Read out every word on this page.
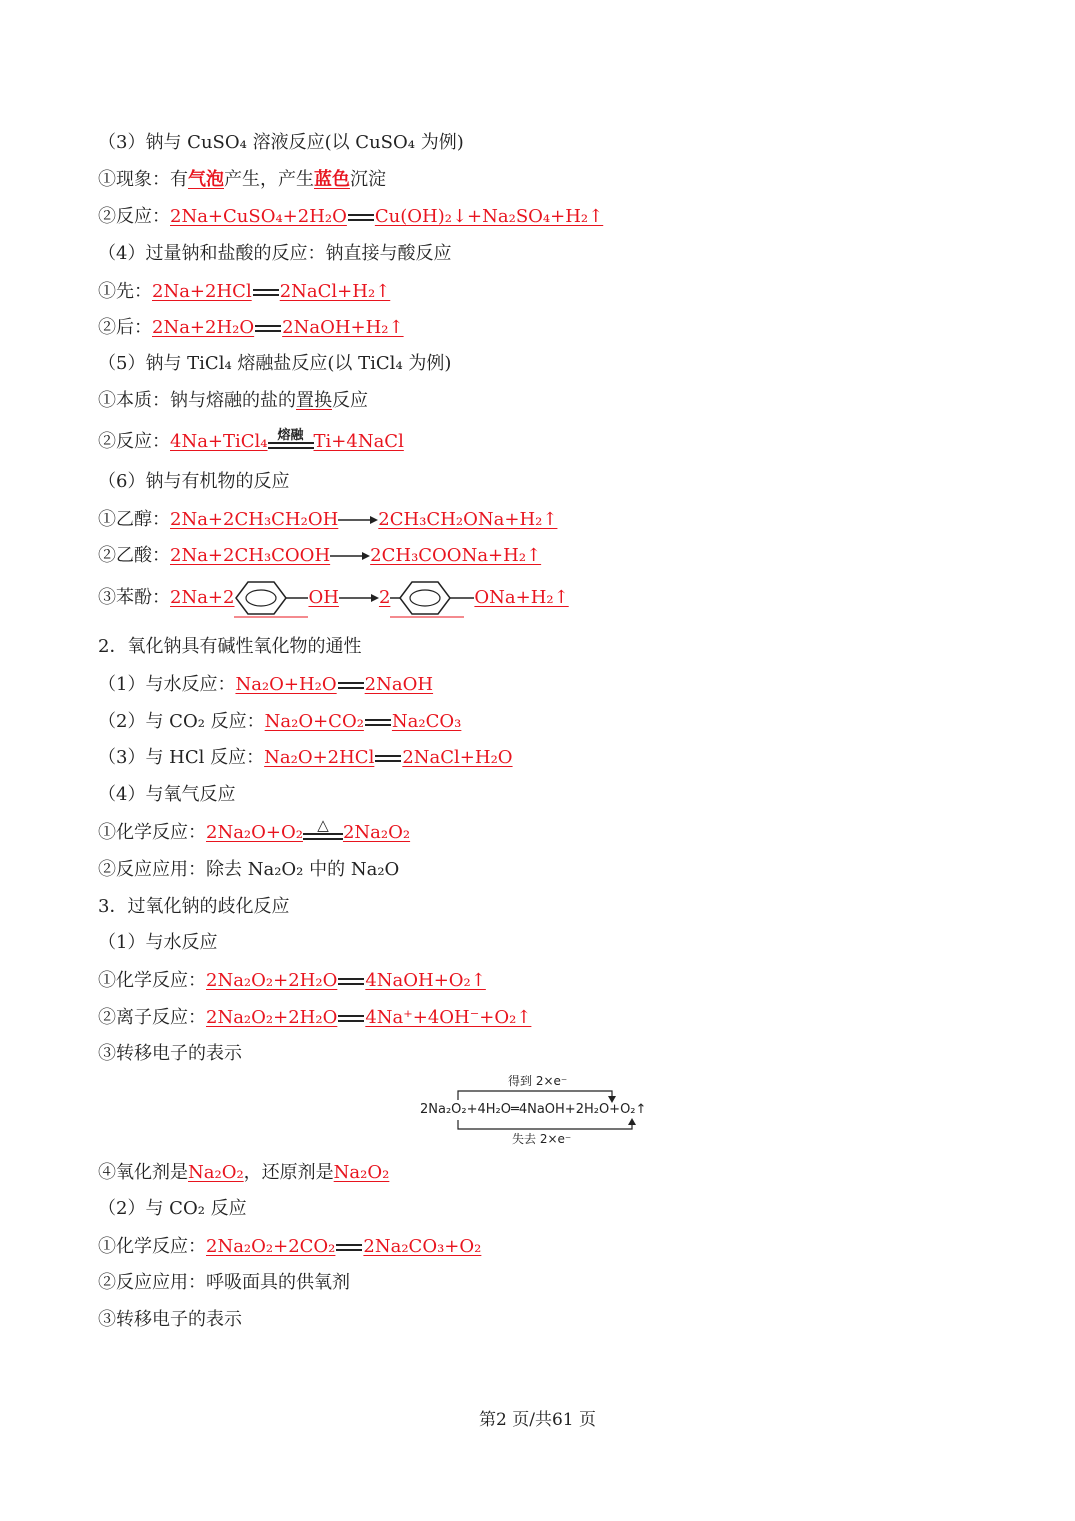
（3）钠与 CuSO₄ 溶液反应(以 CuSO₄ 为例)
①现象：有气泡产生，产生蓝色沉淀
②反应：2Na+CuSO₄+2H₂O Cu(OH)₂↓+Na₂SO₄+H₂↑
（4）过量钠和盐酸的反应：钠直接与酸反应
①先：2Na+2HCl 2NaCl+H₂↑
②后：2Na+2H₂O 2NaOH+H₂↑
（5）钠与 TiCl₄ 熔融盐反应(以 TiCl₄ 为例)
①本质：钠与熔融的盐的置换反应
②反应：4Na+TiCl₄ 熔融 Ti+4NaCl
（6）钠与有机物的反应
①乙醇：2Na+2CH₃CH₂OH 2CH₃CH₂ONa+H₂↑
②乙酸：2Na+2CH₃COOH 2CH₃COONa+H₂↑
③苯酚：2Na+2	OH 2	ONa+H₂↑
2．氧化钠具有碱性氧化物的通性
（1）与水反应：Na₂O+H₂O 2NaOH
（2）与 CO₂ 反应：Na₂O+CO₂ Na₂CO₃
（3）与 HCl 反应：Na₂O+2HCl 2NaCl+H₂O
（4）与氧气反应
①化学反应：2Na₂O+O₂ △ 2Na₂O₂
②反应应用：除去 Na₂O₂ 中的 Na₂O
3．过氧化钠的歧化反应
（1）与水反应
①化学反应：2Na₂O₂+2H₂O 4NaOH+O₂↑
②离子反应：2Na₂O₂+2H₂O 4Na⁺+4OH⁻+O₂↑
③转移电子的表示
得到 2×e⁻
2Na₂O₂+4H₂O═4NaOH+2H₂O+O₂↑
失去 2×e⁻
④氧化剂是Na₂O₂，还原剂是Na₂O₂
（2）与 CO₂ 反应
①化学反应：2Na₂O₂+2CO₂ 2Na₂CO₃+O₂
②反应应用：呼吸面具的供氧剂
③转移电子的表示
第2 页/共61 页
